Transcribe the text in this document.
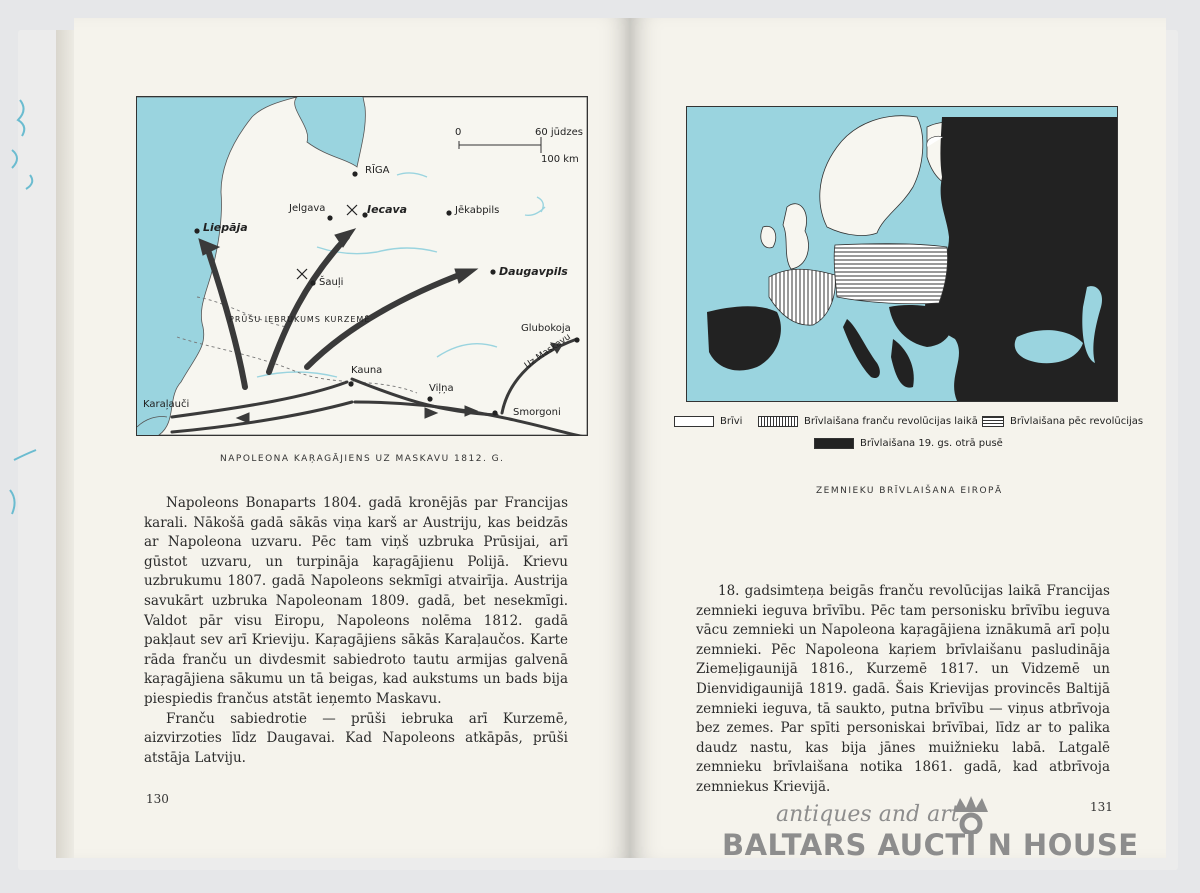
0	60 jūdzes
100 km
RĪGA
Jelgava	Iecava	Jēkabpils
Liepāja
Šauļi
Daugavpils
PRŪŠU IEBRUKUMS KURZEMĒ
Glubokoja
Uz Maskavu
Kauna
Viļņa
Karaļauči
Smorgoni
NAPOLEONA KAŖAGĀJIENS UZ MASKAVU 1812. G.

Napoleons Bonaparts 1804. gadā kronējās par Francijas karali. Nākošā gadā sākās viņa karš ar Austriju, kas beidzās ar Napoleona uzvaru. Pēc tam viņš uzbruka Prūsijai, arī gūstot uzvaru, un turpināja kaŗagājienu Polijā. Krievu uzbrukumu 1807. gadā Napoleons sekmīgi atvairīja. Austrija savukārt uzbruka Napoleonam 1809. gadā, bet nesekmīgi. Valdot pār visu Eiropu, Napoleons nolēma 1812. gadā pakļaut sev arī Krieviju. Kaŗagājiens sākās Karaļaučos. Karte rāda franču un divdesmit sabiedroto tautu armijas galvenā kaŗagājiena sākumu un tā beigas, kad aukstums un bads bija piespiedis frančus atstāt ieņemto Maskavu.

Franču sabiedrotie — prūši iebruka arī Kurzemē, aizvirzoties līdz Daugavai. Kad Napoleons atkāpās, prūši atstāja Latviju.

130
Brīvi	Brīvlaišana franču revolūcijas laikā	Brīvlaišana pēc revolūcijas
Brīvlaišana 19. gs. otrā pusē
ZEMNIEKU BRĪVLAIŠANA EIROPĀ

18. gadsimteņa beigās franču revolūcijas laikā Francijas zemnieki ieguva brīvību. Pēc tam personisku brīvību ieguva vācu zemnieki un Napoleona kaŗagājiena iznākumā arī poļu zemnieki. Pēc Napoleona kaŗiem brīvlaišanu pasludināja Ziemeļigaunijā 1816., Kurzemē 1817. un Vidzemē un Dienvidigaunijā 1819. gadā. Šais Krievijas provincēs Baltijā zemnieki ieguva, tā saukto, putna brīvību — viņus atbrīvoja bez zemes. Par spīti personiskai brīvībai, līdz ar to palika daudz nastu, kas bija jānes muižnieku labā. Latgalē zemnieku brīvlaišana notika 1861. gadā, kad atbrīvoja zemniekus Krievijā.

131
antiques and art
BALTARS AUCTI N HOUSE
